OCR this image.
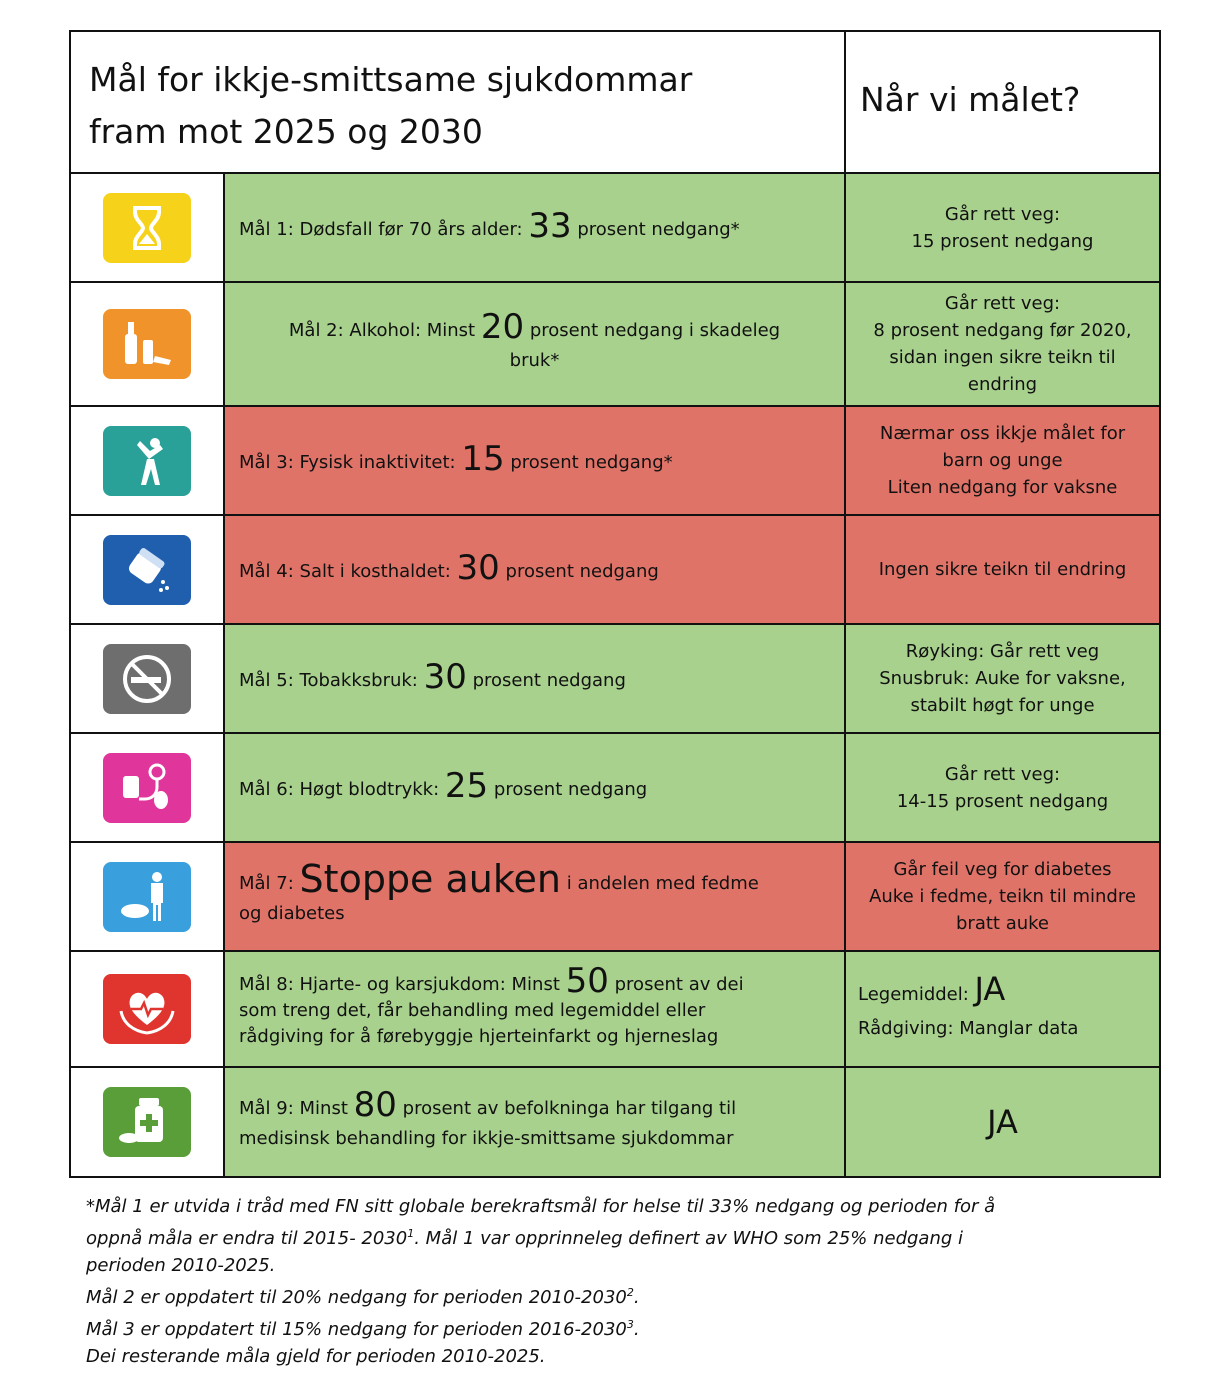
Mål for ikkje-smittsame sjukdommar
fram mot 2025 og 2030
Når vi målet?
Mål 1: Dødsfall før 70 års alder: 33 prosent nedgang*
Går rett veg:
15 prosent nedgang
Mål 2: Alkohol: Minst 20 prosent nedgang i skadeleg
bruk*
Går rett veg:
8 prosent nedgang før 2020,
sidan ingen sikre teikn til
endring
Mål 3: Fysisk inaktivitet: 15 prosent nedgang*
Nærmar oss ikkje målet for
barn og unge
Liten nedgang for vaksne
Mål 4: Salt i kosthaldet: 30 prosent nedgang	Ingen sikre teikn til endring
Mål 5: Tobakksbruk: 30 prosent nedgang
Røyking: Går rett veg
Snusbruk: Auke for vaksne,
stabilt høgt for unge
Mål 6: Høgt blodtrykk: 25 prosent nedgang
Går rett veg:
14-15 prosent nedgang
Mål 7: Stoppe auken i andelen med fedme
og diabetes
Går feil veg for diabetes
Auke i fedme, teikn til mindre
bratt auke
Mål 8: Hjarte- og karsjukdom: Minst 50 prosent av dei
som treng det, får behandling med legemiddel eller
rådgiving for å førebyggje hjerteinfarkt og hjerneslag
Legemiddel: JA
Rådgiving: Manglar data
Mål 9: Minst 80 prosent av befolkninga har tilgang til
medisinsk behandling for ikkje-smittsame sjukdommar	JA
*Mål 1 er utvida i tråd med FN sitt globale berekraftsmål for helse til 33% nedgang og perioden for å
oppnå måla er endra til 2015- 2030$^1$. Mål 1 var opprinneleg definert av WHO som 25% nedgang i
perioden 2010-2025.
Mål 2 er oppdatert til 20% nedgang for perioden 2010-2030$^2$.
Mål 3 er oppdatert til 15% nedgang for perioden 2016-2030$^3$.
Dei resterande måla gjeld for perioden 2010-2025.
